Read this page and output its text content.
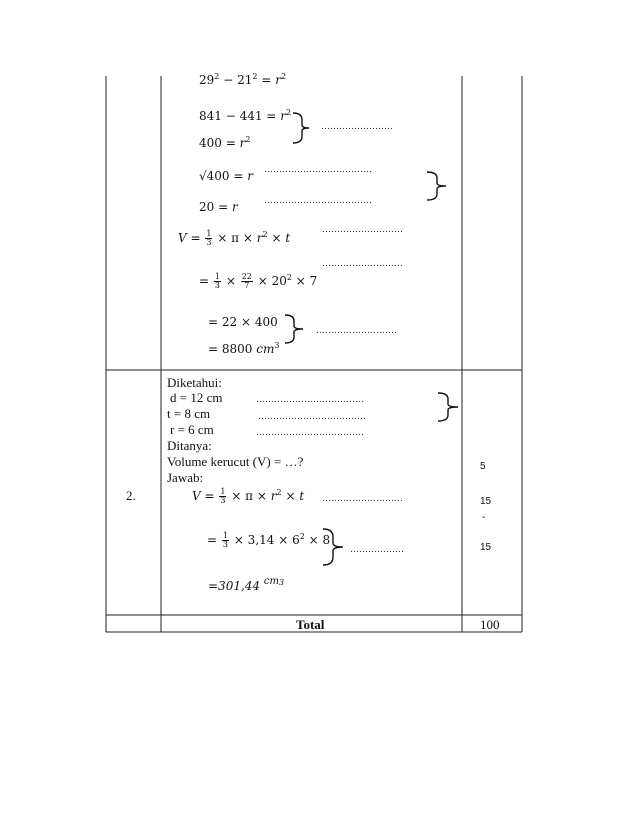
$29^2 - 21^2 = r^2$
$841 - 441 = r^2$
$400 = r^2$
√400 = r
20 = r
$V = \frac{1}{3} \times \pi \times r^2 \times t$
= $\frac{1}{3} \times \frac{22}{7} \times 20^2 \times 7$
= 22 × 400
= 8800 $cm^3$
……………………
………………………………
………………………………
………………………
………………………
………………………
2.
Diketahui:
d = 12 cm
t = 8 cm
r = 6 cm
Ditanya:
Volume kerucut (V) = …?
Jawab:
………………………………
………………………………
………………………………
$V = \frac{1}{3} \times \pi \times r^2 \times t$ ………………………
= $\frac{1}{3} \times 3,14 \times 6^2 \times 8$
………………
=301,44 $^{cm3}$
5
15
-
15
Total	100
